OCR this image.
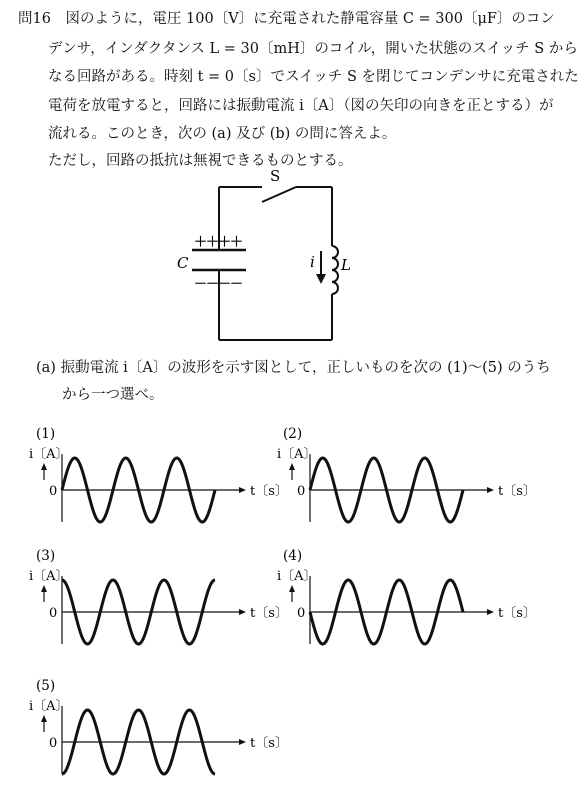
問16　図のように，電圧 100〔V〕に充電された静電容量 C = 300〔μF〕のコン

デンサ，インダクタンス L = 30〔mH〕のコイル，開いた状態のスイッチ S から

なる回路がある。時刻 t = 0〔s〕でスイッチ S を閉じてコンデンサに充電された

電荷を放電すると，回路には振動電流 i〔A〕（図の矢印の向きを正とする）が

流れる。このとき，次の (a) 及び (b) の問に答えよ。

ただし，回路の抵抗は無視できるものとする。

S
＋＋＋＋
－－－－
C	i L

(a) 振動電流 i〔A〕の波形を示す図として，正しいものを次の (1)～(5) のうち

から一つ選べ。

(1)
i〔A〕
0	t〔s〕
(2)
i〔A〕
0	t〔s〕
(3)
i〔A〕
0	t〔s〕
(4)
i〔A〕
0	t〔s〕
(5)
i〔A〕
0	t〔s〕
